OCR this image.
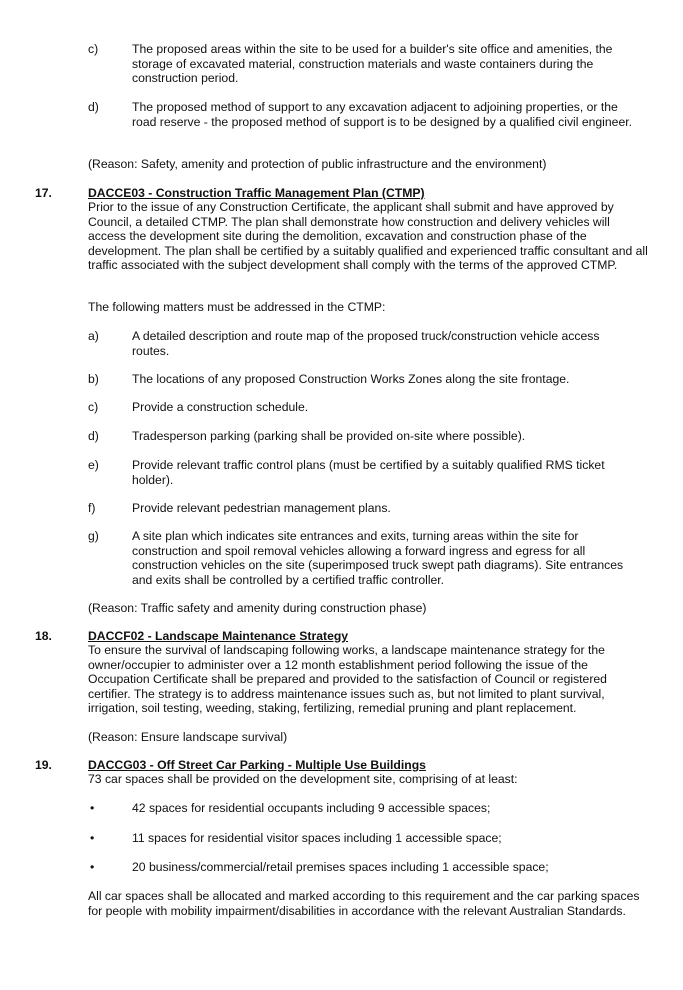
c)	The proposed areas within the site to be used for a builder's site office and amenities, the storage of excavated material, construction materials and waste containers during the construction period.
d)	The proposed method of support to any excavation adjacent to adjoining properties, or the road reserve - the proposed method of support is to be designed by a qualified civil engineer.

(Reason: Safety, amenity and protection of public infrastructure and the environment)

17.	DACCE03 - Construction Traffic Management Plan (CTMP)

Prior to the issue of any Construction Certificate, the applicant shall submit and have approved by Council, a detailed CTMP. The plan shall demonstrate how construction and delivery vehicles will access the development site during the demolition, excavation and construction phase of the development. The plan shall be certified by a suitably qualified and experienced traffic consultant and all traffic associated with the subject development shall comply with the terms of the approved CTMP.

The following matters must be addressed in the CTMP:

a)	A detailed description and route map of the proposed truck/construction vehicle access routes.
b)	The locations of any proposed Construction Works Zones along the site frontage.
c)	Provide a construction schedule.
d)	Tradesperson parking (parking shall be provided on-site where possible).
e)	Provide relevant traffic control plans (must be certified by a suitably qualified RMS ticket holder).
f)	Provide relevant pedestrian management plans.
g)	A site plan which indicates site entrances and exits, turning areas within the site for construction and spoil removal vehicles allowing a forward ingress and egress for all construction vehicles on the site (superimposed truck swept path diagrams). Site entrances and exits shall be controlled by a certified traffic controller.

(Reason: Traffic safety and amenity during construction phase)

18.	DACCF02 - Landscape Maintenance Strategy

To ensure the survival of landscaping following works, a landscape maintenance strategy for the owner/occupier to administer over a 12 month establishment period following the issue of the Occupation Certificate shall be prepared and provided to the satisfaction of Council or registered certifier. The strategy is to address maintenance issues such as, but not limited to plant survival, irrigation, soil testing, weeding, staking, fertilizing, remedial pruning and plant replacement.

(Reason: Ensure landscape survival)

19.	DACCG03 - Off Street Car Parking - Multiple Use Buildings

73 car spaces shall be provided on the development site, comprising of at least:

•	42 spaces for residential occupants including 9 accessible spaces;
•	11 spaces for residential visitor spaces including 1 accessible space;
•	20 business/commercial/retail premises spaces including 1 accessible space;

All car spaces shall be allocated and marked according to this requirement and the car parking spaces for people with mobility impairment/disabilities in accordance with the relevant Australian Standards.
